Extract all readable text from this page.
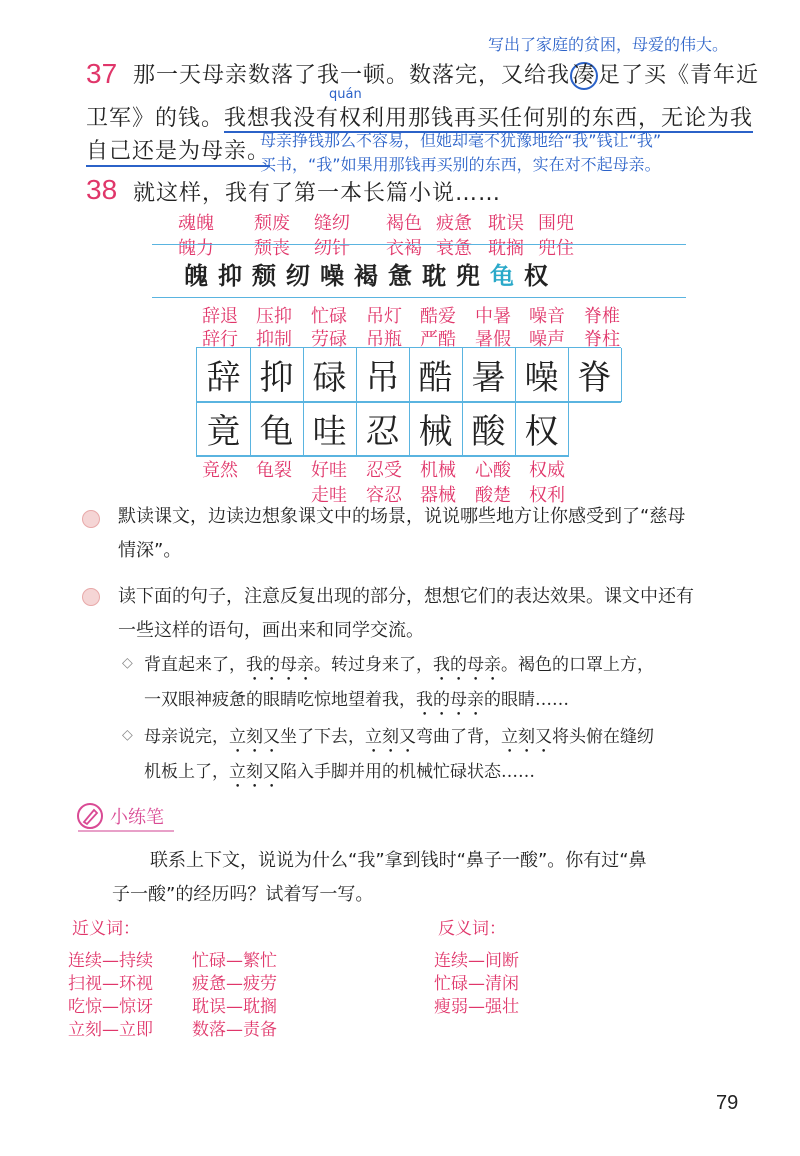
写出了家庭的贫困，母爱的伟大。
37 那一天母亲数落了我一顿。数落完，又给我 凑 足了买《青年近
quán
卫军》的钱。我想我没有权利用那钱再买任何别的东西，无论为我
自己还是为母亲。
母亲挣钱那么不容易，但她却毫不犹豫地给“我”钱让“我”
买书，“我”如果用那钱再买别的东西，实在对不起母亲。
38 就这样，我有了第一本长篇小说……
魂魄 颓废 缝纫 褐色 疲惫 耽误 围兜
魄力 颓丧 纫针 衣褐 衰惫 耽搁 兜住
魄抑颓纫噪褐惫耽兜龟权
辞退 压抑 忙碌 吊灯 酷爱 中暑 噪音 脊椎
辞行 抑制 劳碌 吊瓶 严酷 暑假 噪声 脊柱
辞 抑 碌 吊 酷 暑 噪 脊
竟 龟 哇 忍 械 酸 权
竟然 龟裂 好哇 忍受 机械 心酸 权威
走哇 容忍 器械 酸楚 权利
默读课文，边读边想象课文中的场景，说说哪些地方让你感受到了“慈母
情深”。
读下面的句子，注意反复出现的部分，想想它们的表达效果。课文中还有
一些这样的语句，画出来和同学交流。
◇ 背直起来了，我的母亲。转过身来了，我的母亲。褐色的口罩上方，
一双眼神疲惫的眼睛吃惊地望着我，我的母亲的眼睛……
◇ 母亲说完，立刻又坐了下去，立刻又弯曲了背，立刻又将头俯在缝纫
机板上了，立刻又陷入手脚并用的机械忙碌状态……
小练笔
联系上下文，说说为什么“我”拿到钱时“鼻子一酸”。你有过“鼻
子一酸”的经历吗？试着写一写。
近义词：
连续—持续
扫视—环视
吃惊—惊讶
立刻—立即
忙碌—繁忙
疲惫—疲劳
耽误—耽搁
数落—责备
反义词：
连续—间断
忙碌—清闲
瘦弱—强壮
79
